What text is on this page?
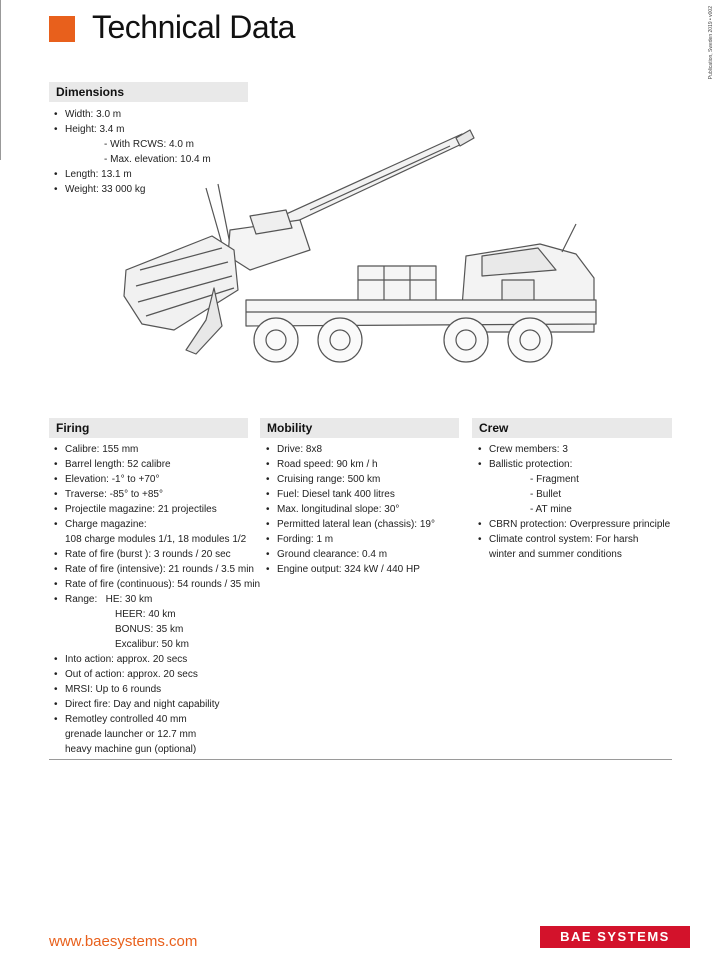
Technical Data	Publication, Sweden 2019 • v002
Dimensions
• Width: 3.0 m
• Height: 3.4 m
- With RCWS: 4.0 m
- Max. elevation: 10.4 m
• Length: 13.1 m
• Weight: 33 000 kg
Firing
• Calibre: 155 mm
• Barrel length: 52 calibre
• Elevation: -1° to +70°
• Traverse: -85° to +85°
• Projectile magazine: 21 projectiles
• Charge magazine:
108 charge modules 1/1, 18 modules 1/2
• Rate of fire (burst ): 3 rounds / 20 sec
• Rate of fire (intensive): 21 rounds / 3.5 min
• Rate of fire (continuous): 54 rounds / 35 min
• Range: HE: 30 km
HEER: 40 km
BONUS: 35 km
Excalibur: 50 km
• Into action: approx. 20 secs
• Out of action: approx. 20 secs
• MRSI: Up to 6 rounds
• Direct fire: Day and night capability
• Remotley controlled 40 mm
grenade launcher or 12.7 mm
heavy machine gun (optional)
Mobility
• Drive: 8x8
• Road speed: 90 km / h
• Cruising range: 500 km
• Fuel: Diesel tank 400 litres
• Max. longitudinal slope: 30°
• Permitted lateral lean (chassis): 19°
• Fording: 1 m
• Ground clearance: 0.4 m
• Engine output: 324 kW / 440 HP
Crew
• Crew members: 3
• Ballistic protection:
- Fragment
- Bullet
- AT mine
• CBRN protection: Overpressure principle
• Climate control system: For harsh
winter and summer conditions
www.baesystems.com	BAE SYSTEMS
